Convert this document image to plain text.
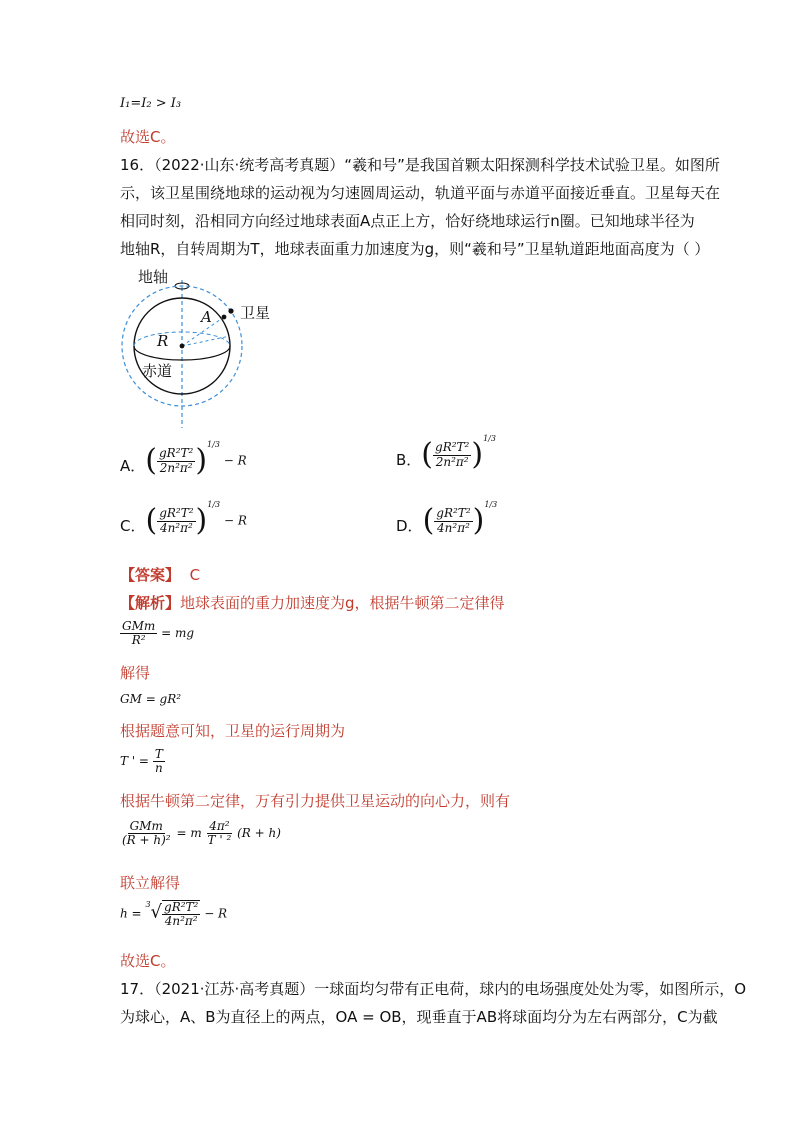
I₁=I₂ > I₃
故选C。
16．（2022·山东·统考高考真题）“羲和号”是我国首颗太阳探测科学技术试验卫星。如图所
示，该卫星围绕地球的运动视为匀速圆周运动，轨道平面与赤道平面接近垂直。卫星每天在
相同时刻，沿相同方向经过地球表面A点正上方，恰好绕地球运行n圈。已知地球半径为
地轴R，自转周期为T，地球表面重力加速度为g，则“羲和号”卫星轨道距地面高度为（ ）
地轴
卫星
A
R
赤道
A． ( $\frac{\text{gR²T²}}{\text{2n²π²}} )^{1/3} - R$	B． ( $\frac{\text{gR²T²}}{\text{2n²π²}} )^{1/3}$
C． ( $\frac{\text{gR²T²}}{\text{4n²π²}} )^{1/3} - R$	D． ( $\frac{\text{gR²T²}}{\text{4n²π²}} )^{1/3}$
【答案】 C
【解析】地球表面的重力加速度为g，根据牛顿第二定律得
$\frac{\text{GMm}}{\text{R²}}$ = mg
解得
GM = gR²
根据题意可知，卫星的运行周期为
T ' = $\frac{T}{n}$
根据牛顿第二定律，万有引力提供卫星运动的向心力，则有
$\frac{\text{GMm}}{\text{(R + h)²}} = m \frac{\text{4π²}}{\text{T ' ²}} (R + h)$
联立解得
$h = ^3√ \frac{\text{gR²T²}}{\text{4n²π²}} - R$
故选C。
17．（2021·江苏·高考真题）一球面均匀带有正电荷，球内的电场强度处处为零，如图所示，O
为球心，A、B为直径上的两点，OA = OB，现垂直于AB将球面均分为左右两部分，C为截
